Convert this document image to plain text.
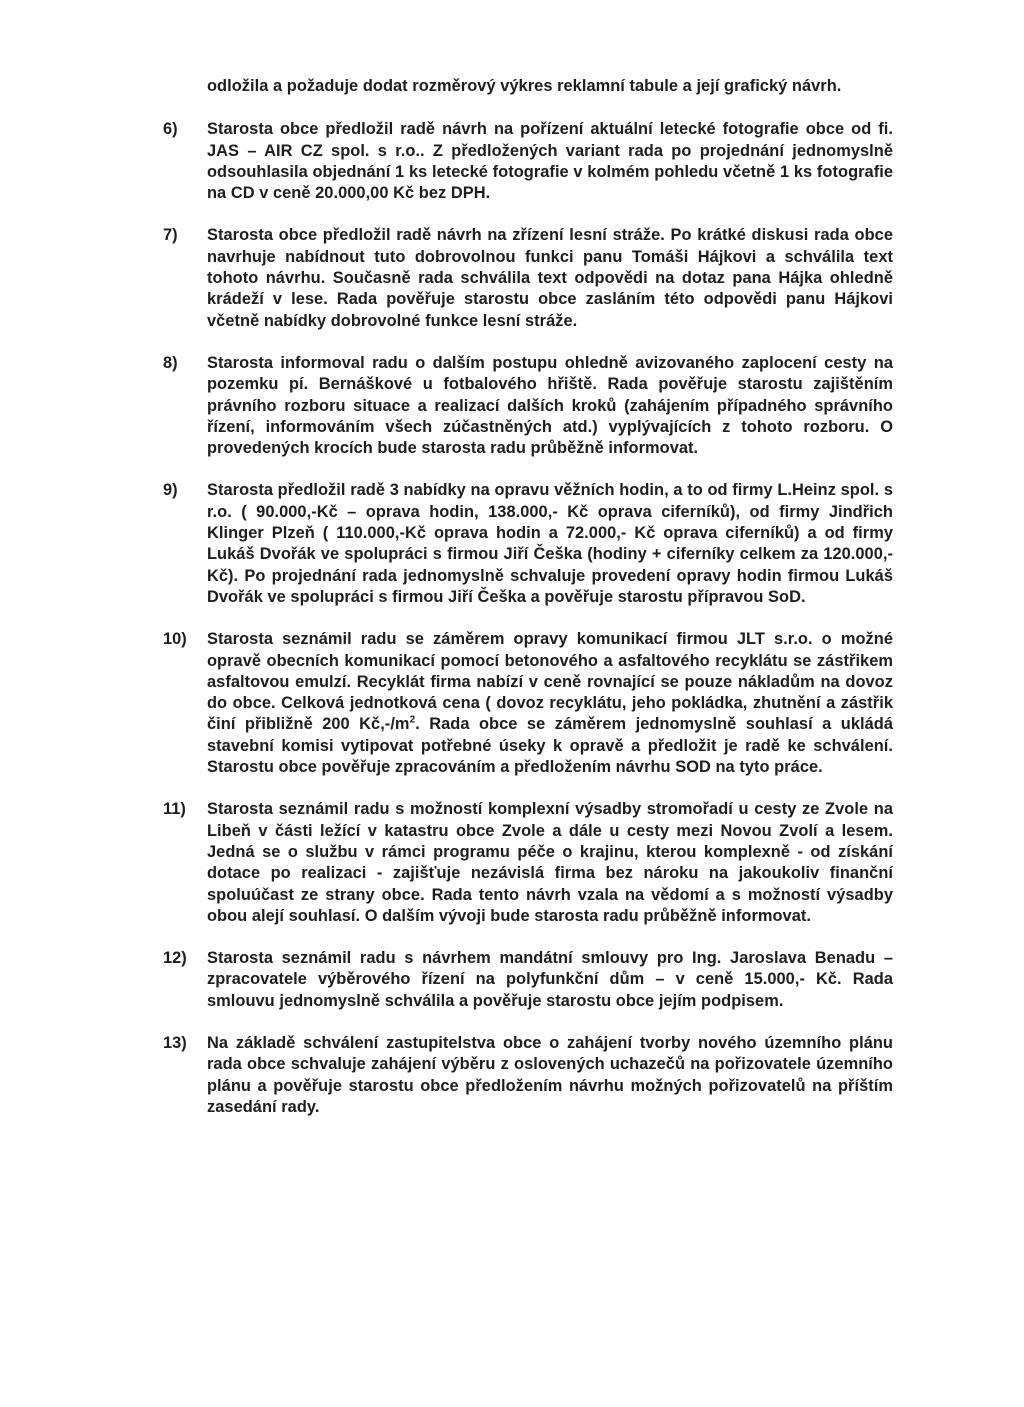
odložila a požaduje dodat rozměrový výkres reklamní tabule a její grafický návrh.
6)	Starosta obce předložil radě návrh na pořízení aktuální letecké fotografie obce od fi. JAS – AIR CZ spol. s r.o.. Z předložených variant rada po projednání jednomyslně odsouhlasila objednání 1 ks letecké fotografie v kolmém pohledu včetně 1 ks fotografie na CD v ceně 20.000,00 Kč bez DPH.
7)	Starosta obce předložil radě návrh na zřízení lesní stráže. Po krátké diskusi rada obce navrhuje nabídnout tuto dobrovolnou funkci panu Tomáši Hájkovi a schválila text tohoto návrhu. Současně rada schválila text odpovědi na dotaz pana Hájka ohledně krádeží v lese. Rada pověřuje starostu obce zasláním této odpovědi panu Hájkovi včetně nabídky dobrovolné funkce lesní stráže.
8)	Starosta informoval radu o dalším postupu ohledně avizovaného zaplocení cesty na pozemku pí. Bernáškové u fotbalového hřiště. Rada pověřuje starostu zajištěním právního rozboru situace a realizací dalších kroků (zahájením případného správního řízení, informováním všech zúčastněných atd.) vyplývajících z tohoto rozboru. O provedených krocích bude starosta radu průběžně informovat.
9)	Starosta předložil radě 3 nabídky na opravu věžních hodin, a to od firmy L.Heinz spol. s r.o. ( 90.000,-Kč – oprava hodin, 138.000,- Kč oprava ciferníků), od firmy Jindřich Klinger Plzeň ( 110.000,-Kč oprava hodin a 72.000,- Kč oprava ciferníků) a od firmy Lukáš Dvořák ve spolupráci s firmou Jiří Češka (hodiny + ciferníky celkem za 120.000,-Kč). Po projednání rada jednomyslně schvaluje provedení opravy hodin firmou Lukáš Dvořák ve spolupráci s firmou Jiří Češka a pověřuje starostu přípravou SoD.
10)	Starosta seznámil radu se záměrem opravy komunikací firmou JLT s.r.o. o možné opravě obecních komunikací pomocí betonového a asfaltového recyklátu se zástřikem asfaltovou emulzí. Recyklát firma nabízí v ceně rovnající se pouze nákladům na dovoz do obce. Celková jednotková cena ( dovoz recyklátu, jeho pokládka, zhutnění a zástřik činí přibližně 200 $Kč,-/m^2$. Rada obce se záměrem jednomyslně souhlasí a ukládá stavební komisi vytipovat potřebné úseky k opravě a předložit je radě ke schválení. Starostu obce pověřuje zpracováním a předložením návrhu SOD na tyto práce.
11)	Starosta seznámil radu s možností komplexní výsadby stromořadí u cesty ze Zvole na Libeň v části ležící v katastru obce Zvole a dále u cesty mezi Novou Zvolí a lesem. Jedná se o službu v rámci programu péče o krajinu, kterou komplexně - od získání dotace po realizaci - zajišťuje nezávislá firma bez nároku na jakoukoliv finanční spoluúčast ze strany obce. Rada tento návrh vzala na vědomí a s možností výsadby obou alejí souhlasí. O dalším vývoji bude starosta radu průběžně informovat.
12)	Starosta seznámil radu s návrhem mandátní smlouvy pro Ing. Jaroslava Benadu – zpracovatele výběrového řízení na polyfunkční dům – v ceně 15.000,- Kč. Rada smlouvu jednomyslně schválila a pověřuje starostu obce jejím podpisem.
13)	Na základě schválení zastupitelstva obce o zahájení tvorby nového územního plánu rada obce schvaluje zahájení výběru z oslovených uchazečů na pořizovatele územního plánu a pověřuje starostu obce předložením návrhu možných pořizovatelů na příštím zasedání rady.
